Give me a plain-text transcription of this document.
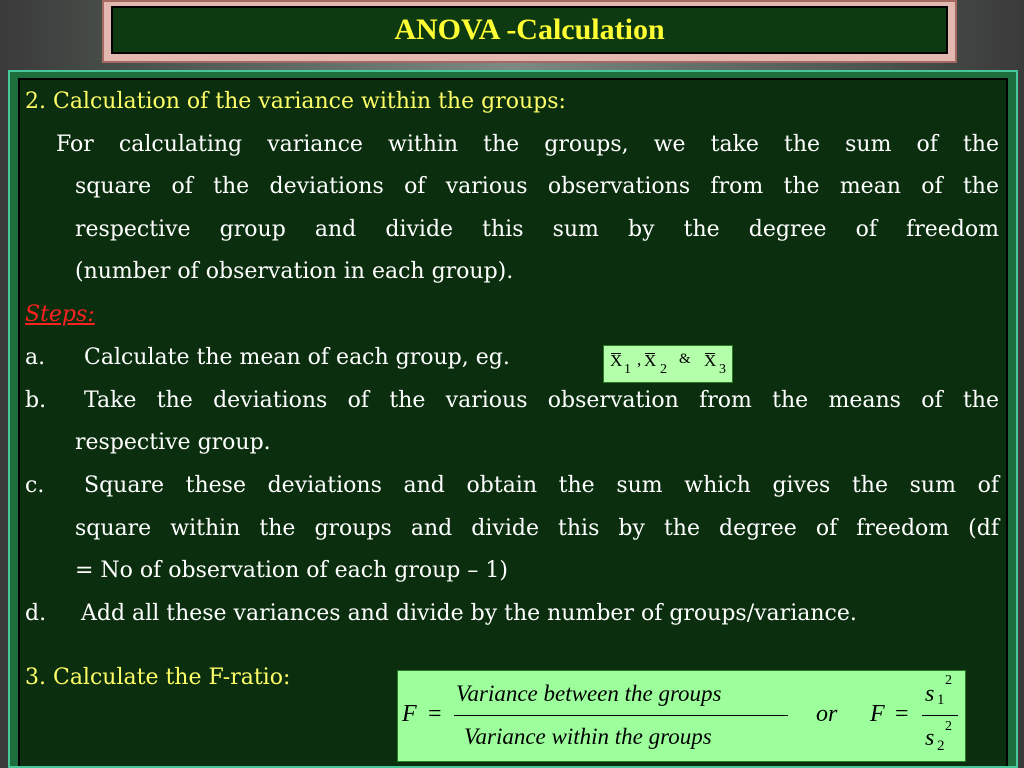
ANOVA -Calculation
2. Calculation of the variance within the groups:
For calculating variance within the groups, we take the sum of the
square of the deviations of various observations from the mean of the
respective group and divide this sum by the degree of freedom
(number of observation in each group).
Steps:
a. Calculate the mean of each group, eg.	X 1
, X 2
& X 3
b. Take the deviations of the various observation from the means of the
respective group.
c. Square these deviations and obtain the sum which gives the sum of
square within the groups and divide this by the degree of freedom (df
= No of observation of each group – 1)
d. Add all these variances and divide by the number of groups/variance.
3. Calculate the F-ratio:
F =
Variance between the groups
Variance within the groups
or F =
s 1
2
s 2
2
